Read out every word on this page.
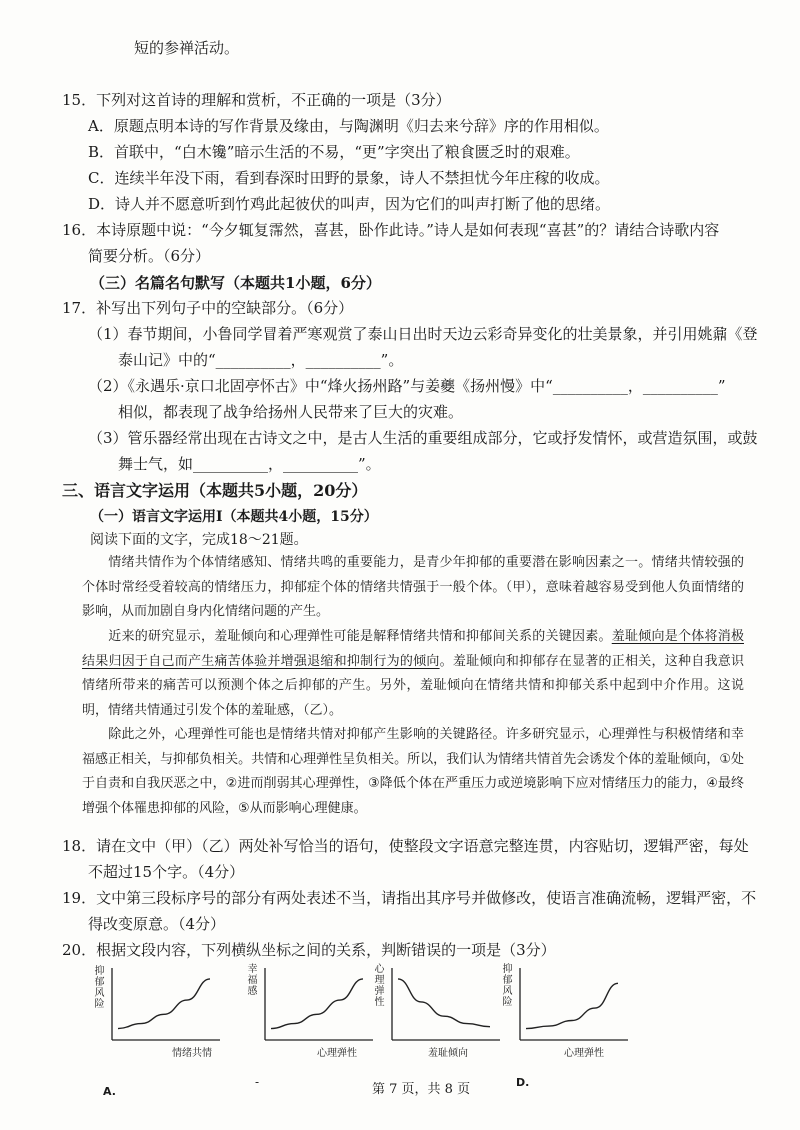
短的参禅活动。
15．下列对这首诗的理解和赏析，不正确的一项是（3分）
A．原题点明本诗的写作背景及缘由，与陶渊明《归去来兮辞》序的作用相似。
B．首联中，“白木镵”暗示生活的不易，“更”字突出了粮食匮乏时的艰难。
C．连续半年没下雨，看到春深时田野的景象，诗人不禁担忧今年庄稼的收成。
D．诗人并不愿意听到竹鸡此起彼伏的叫声，因为它们的叫声打断了他的思绪。
16．本诗原题中说：“今夕辄复霈然，喜甚，卧作此诗。”诗人是如何表现“喜甚”的？请结合诗歌内容
简要分析。（6分）
（三）名篇名句默写（本题共1小题，6分）
17．补写出下列句子中的空缺部分。（6分）
（1）春节期间，小鲁同学冒着严寒观赏了泰山日出时天边云彩奇异变化的壮美景象，并引用姚鼐《登
泰山记》中的“__________，__________”。
（2）《永遇乐·京口北固亭怀古》中“烽火扬州路”与姜夔《扬州慢》中“__________，__________”
相似，都表现了战争给扬州人民带来了巨大的灾难。
（3）管乐器经常出现在古诗文之中，是古人生活的重要组成部分，它或抒发情怀，或营造氛围，或鼓
舞士气，如__________，__________”。
三、语言文字运用（本题共5小题，20分）
（一）语言文字运用Ⅰ（本题共4小题，15分）
阅读下面的文字，完成18～21题。
情绪共情作为个体情绪感知、情绪共鸣的重要能力，是青少年抑郁的重要潜在影响因素之一。情绪共情较强的个体时常经受着较高的情绪压力，抑郁症个体的情绪共情强于一般个体。（甲），意味着越容易受到他人负面情绪的影响，从而加剧自身内化情绪问题的产生。
近来的研究显示，羞耻倾向和心理弹性可能是解释情绪共情和抑郁间关系的关键因素。羞耻倾向是个体将消极结果归因于自己而产生痛苦体验并增强退缩和抑制行为的倾向。羞耻倾向和抑郁存在显著的正相关，这种自我意识情绪所带来的痛苦可以预测个体之后抑郁的产生。另外，羞耻倾向在情绪共情和抑郁关系中起到中介作用。这说明，情绪共情通过引发个体的羞耻感，（乙）。
除此之外，心理弹性可能也是情绪共情对抑郁产生影响的关键路径。许多研究显示，心理弹性与积极情绪和幸福感正相关，与抑郁负相关。共情和心理弹性呈负相关。所以，我们认为情绪共情首先会诱发个体的羞耻倾向，①处于自责和自我厌恶之中，②进而削弱其心理弹性，③降低个体在严重压力或逆境影响下应对情绪压力的能力，④最终增强个体罹患抑郁的风险，⑤从而影响心理健康。
18．请在文中（甲）（乙）两处补写恰当的语句，使整段文字语意完整连贯，内容贴切，逻辑严密，每处
不超过15个字。（4分）
19．文中第三段标序号的部分有两处表述不当，请指出其序号并做修改，使语言准确流畅，逻辑严密，不
得改变原意。（4分）
20．根据文段内容，下列横纵坐标之间的关系，判断错误的一项是（3分）
抑郁风险
情绪共情
幸福感
心理弹性
心理弹性
羞耻倾向
抑郁风险
心理弹性
A.
-	第 7 页，共 8 页	D.
